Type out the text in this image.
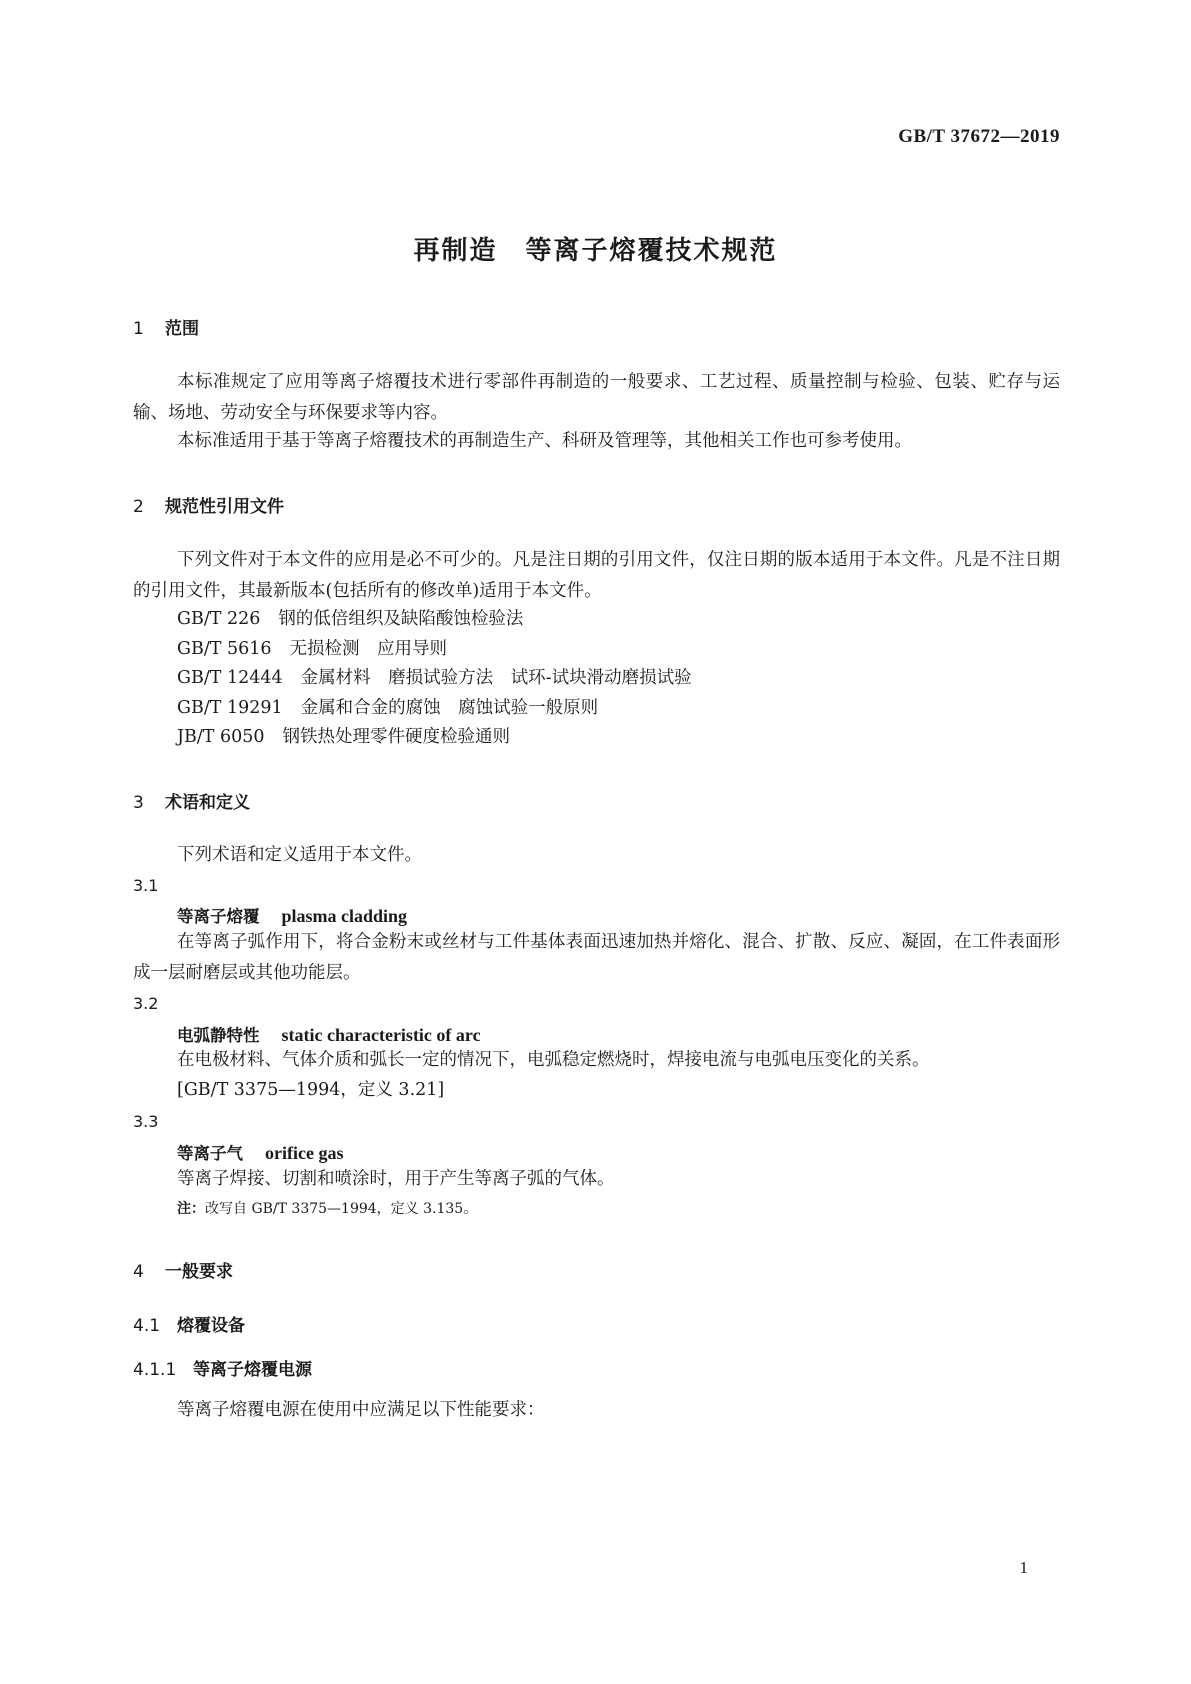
GB/T 37672—2019
再制造　等离子熔覆技术规范
1 范围
本标准规定了应用等离子熔覆技术进行零部件再制造的一般要求、工艺过程、质量控制与检验、包装、贮存与运输、场地、劳动安全与环保要求等内容。
本标准适用于基于等离子熔覆技术的再制造生产、科研及管理等，其他相关工作也可参考使用。
2 规范性引用文件
下列文件对于本文件的应用是必不可少的。凡是注日期的引用文件，仅注日期的版本适用于本文件。凡是不注日期的引用文件，其最新版本(包括所有的修改单)适用于本文件。
GB/T 226 钢的低倍组织及缺陷酸蚀检验法
GB/T 5616 无损检测　应用导则
GB/T 12444 金属材料　磨损试验方法　试环-试块滑动磨损试验
GB/T 19291 金属和合金的腐蚀　腐蚀试验一般原则
JB/T 6050 钢铁热处理零件硬度检验通则
3 术语和定义
下列术语和定义适用于本文件。
3.1
等离子熔覆 plasma cladding
在等离子弧作用下，将合金粉末或丝材与工件基体表面迅速加热并熔化、混合、扩散、反应、凝固，在工件表面形成一层耐磨层或其他功能层。
3.2
电弧静特性 static characteristic of arc
在电极材料、气体介质和弧长一定的情况下，电弧稳定燃烧时，焊接电流与电弧电压变化的关系。
[GB/T 3375—1994，定义 3.21]
3.3
等离子气 orifice gas
等离子焊接、切割和喷涂时，用于产生等离子弧的气体。
注：改写自 GB/T 3375—1994，定义 3.135。
4 一般要求
4.1 熔覆设备
4.1.1 等离子熔覆电源
等离子熔覆电源在使用中应满足以下性能要求：
1
